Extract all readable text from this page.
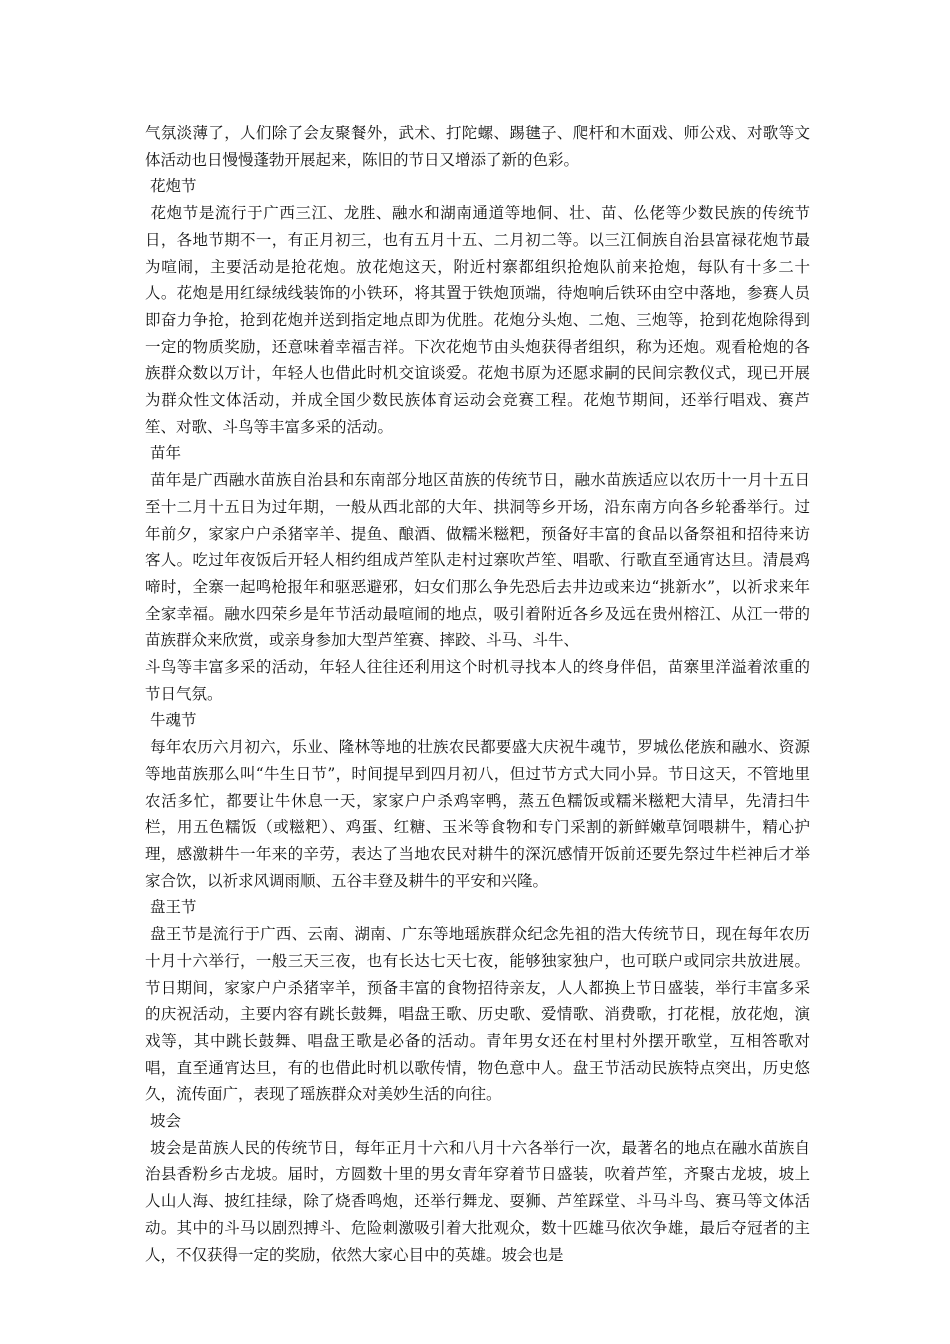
气氛淡薄了，人们除了会友聚餐外，武术、打陀螺、踢毽子、爬杆和木面戏、师公戏、对歌等文体活动也日慢慢蓬勃开展起来，陈旧的节日又增添了新的色彩。

花炮节

花炮节是流行于广西三江、龙胜、融水和湖南通道等地侗、壮、苗、仫佬等少数民族的传统节日，各地节期不一，有正月初三，也有五月十五、二月初二等。以三江侗族自治县富禄花炮节最为喧闹，主要活动是抢花炮。放花炮这天，附近村寨都组织抢炮队前来抢炮，每队有十多二十人。花炮是用红绿绒线装饰的小铁环，将其置于铁炮顶端，待炮响后铁环由空中落地，参赛人员即奋力争抢，抢到花炮并送到指定地点即为优胜。花炮分头炮、二炮、三炮等，抢到花炮除得到一定的物质奖励，还意味着幸福吉祥。下次花炮节由头炮获得者组织，称为还炮。观看枪炮的各族群众数以万计，年轻人也借此时机交谊谈爱。花炮书原为还愿求嗣的民间宗教仪式，现已开展为群众性文体活动，并成全国少数民族体育运动会竞赛工程。花炮节期间，还举行唱戏、赛芦笙、对歌、斗鸟等丰富多采的活动。

苗年

苗年是广西融水苗族自治县和东南部分地区苗族的传统节日，融水苗族适应以农历十一月十五日至十二月十五日为过年期，一般从西北部的大年、拱洞等乡开场，沿东南方向各乡轮番举行。过年前夕，家家户户杀猪宰羊、提鱼、酿酒、做糯米糍粑，预备好丰富的食品以备祭祖和招待来访客人。吃过年夜饭后开轻人相约组成芦笙队走村过寨吹芦笙、唱歌、行歌直至通宵达旦。清晨鸡啼时，全寨一起鸣枪报年和驱恶避邪，妇女们那么争先恐后去井边或来边“挑新水”，以祈求来年全家幸福。融水四荣乡是年节活动最喧闹的地点，吸引着附近各乡及远在贵州榕江、从江一带的苗族群众来欣赏，或亲身参加大型芦笙赛、摔跤、斗马、斗牛、
斗鸟等丰富多采的活动，年轻人往往还利用这个时机寻找本人的终身伴侣，苗寨里洋溢着浓重的节日气氛。

牛魂节

每年农历六月初六，乐业、隆林等地的壮族农民都要盛大庆祝牛魂节，罗城仫佬族和融水、资源等地苗族那么叫“牛生日节”，时间提早到四月初八，但过节方式大同小异。节日这天，不管地里农活多忙，都要让牛休息一天，家家户户杀鸡宰鸭，蒸五色糯饭或糯米糍粑大清早，先清扫牛栏，用五色糯饭（或糍粑）、鸡蛋、红糖、玉米等食物和专门采割的新鲜嫩草饲喂耕牛，精心护理，感激耕牛一年来的辛劳，表达了当地农民对耕牛的深沉感情开饭前还要先祭过牛栏神后才举家合饮，以祈求风调雨顺、五谷丰登及耕牛的平安和兴隆。

盘王节

盘王节是流行于广西、云南、湖南、广东等地瑶族群众纪念先祖的浩大传统节日，现在每年农历十月十六举行，一般三天三夜，也有长达七天七夜，能够独家独户，也可联户或同宗共放进展。节日期间，家家户户杀猪宰羊，预备丰富的食物招待亲友，人人都换上节日盛装，举行丰富多采的庆祝活动，主要内容有跳长鼓舞，唱盘王歌、历史歌、爱情歌、消费歌，打花棍，放花炮，演戏等，其中跳长鼓舞、唱盘王歌是必备的活动。青年男女还在村里村外摆开歌堂，互相答歌对唱，直至通宵达旦，有的也借此时机以歌传情，物色意中人。盘王节活动民族特点突出，历史悠久，流传面广，表现了瑶族群众对美妙生活的向往。

坡会

坡会是苗族人民的传统节日，每年正月十六和八月十六各举行一次，最著名的地点在融水苗族自治县香粉乡古龙坡。届时，方圆数十里的男女青年穿着节日盛装，吹着芦笙，齐聚古龙坡，坡上人山人海、披红挂绿，除了烧香鸣炮，还举行舞龙、耍狮、芦笙踩堂、斗马斗鸟、赛马等文体活动。其中的斗马以剧烈搏斗、危险刺激吸引着大批观众，数十匹雄马依次争雄，最后夺冠者的主人，不仅获得一定的奖励，依然大家心目中的英雄。坡会也是
